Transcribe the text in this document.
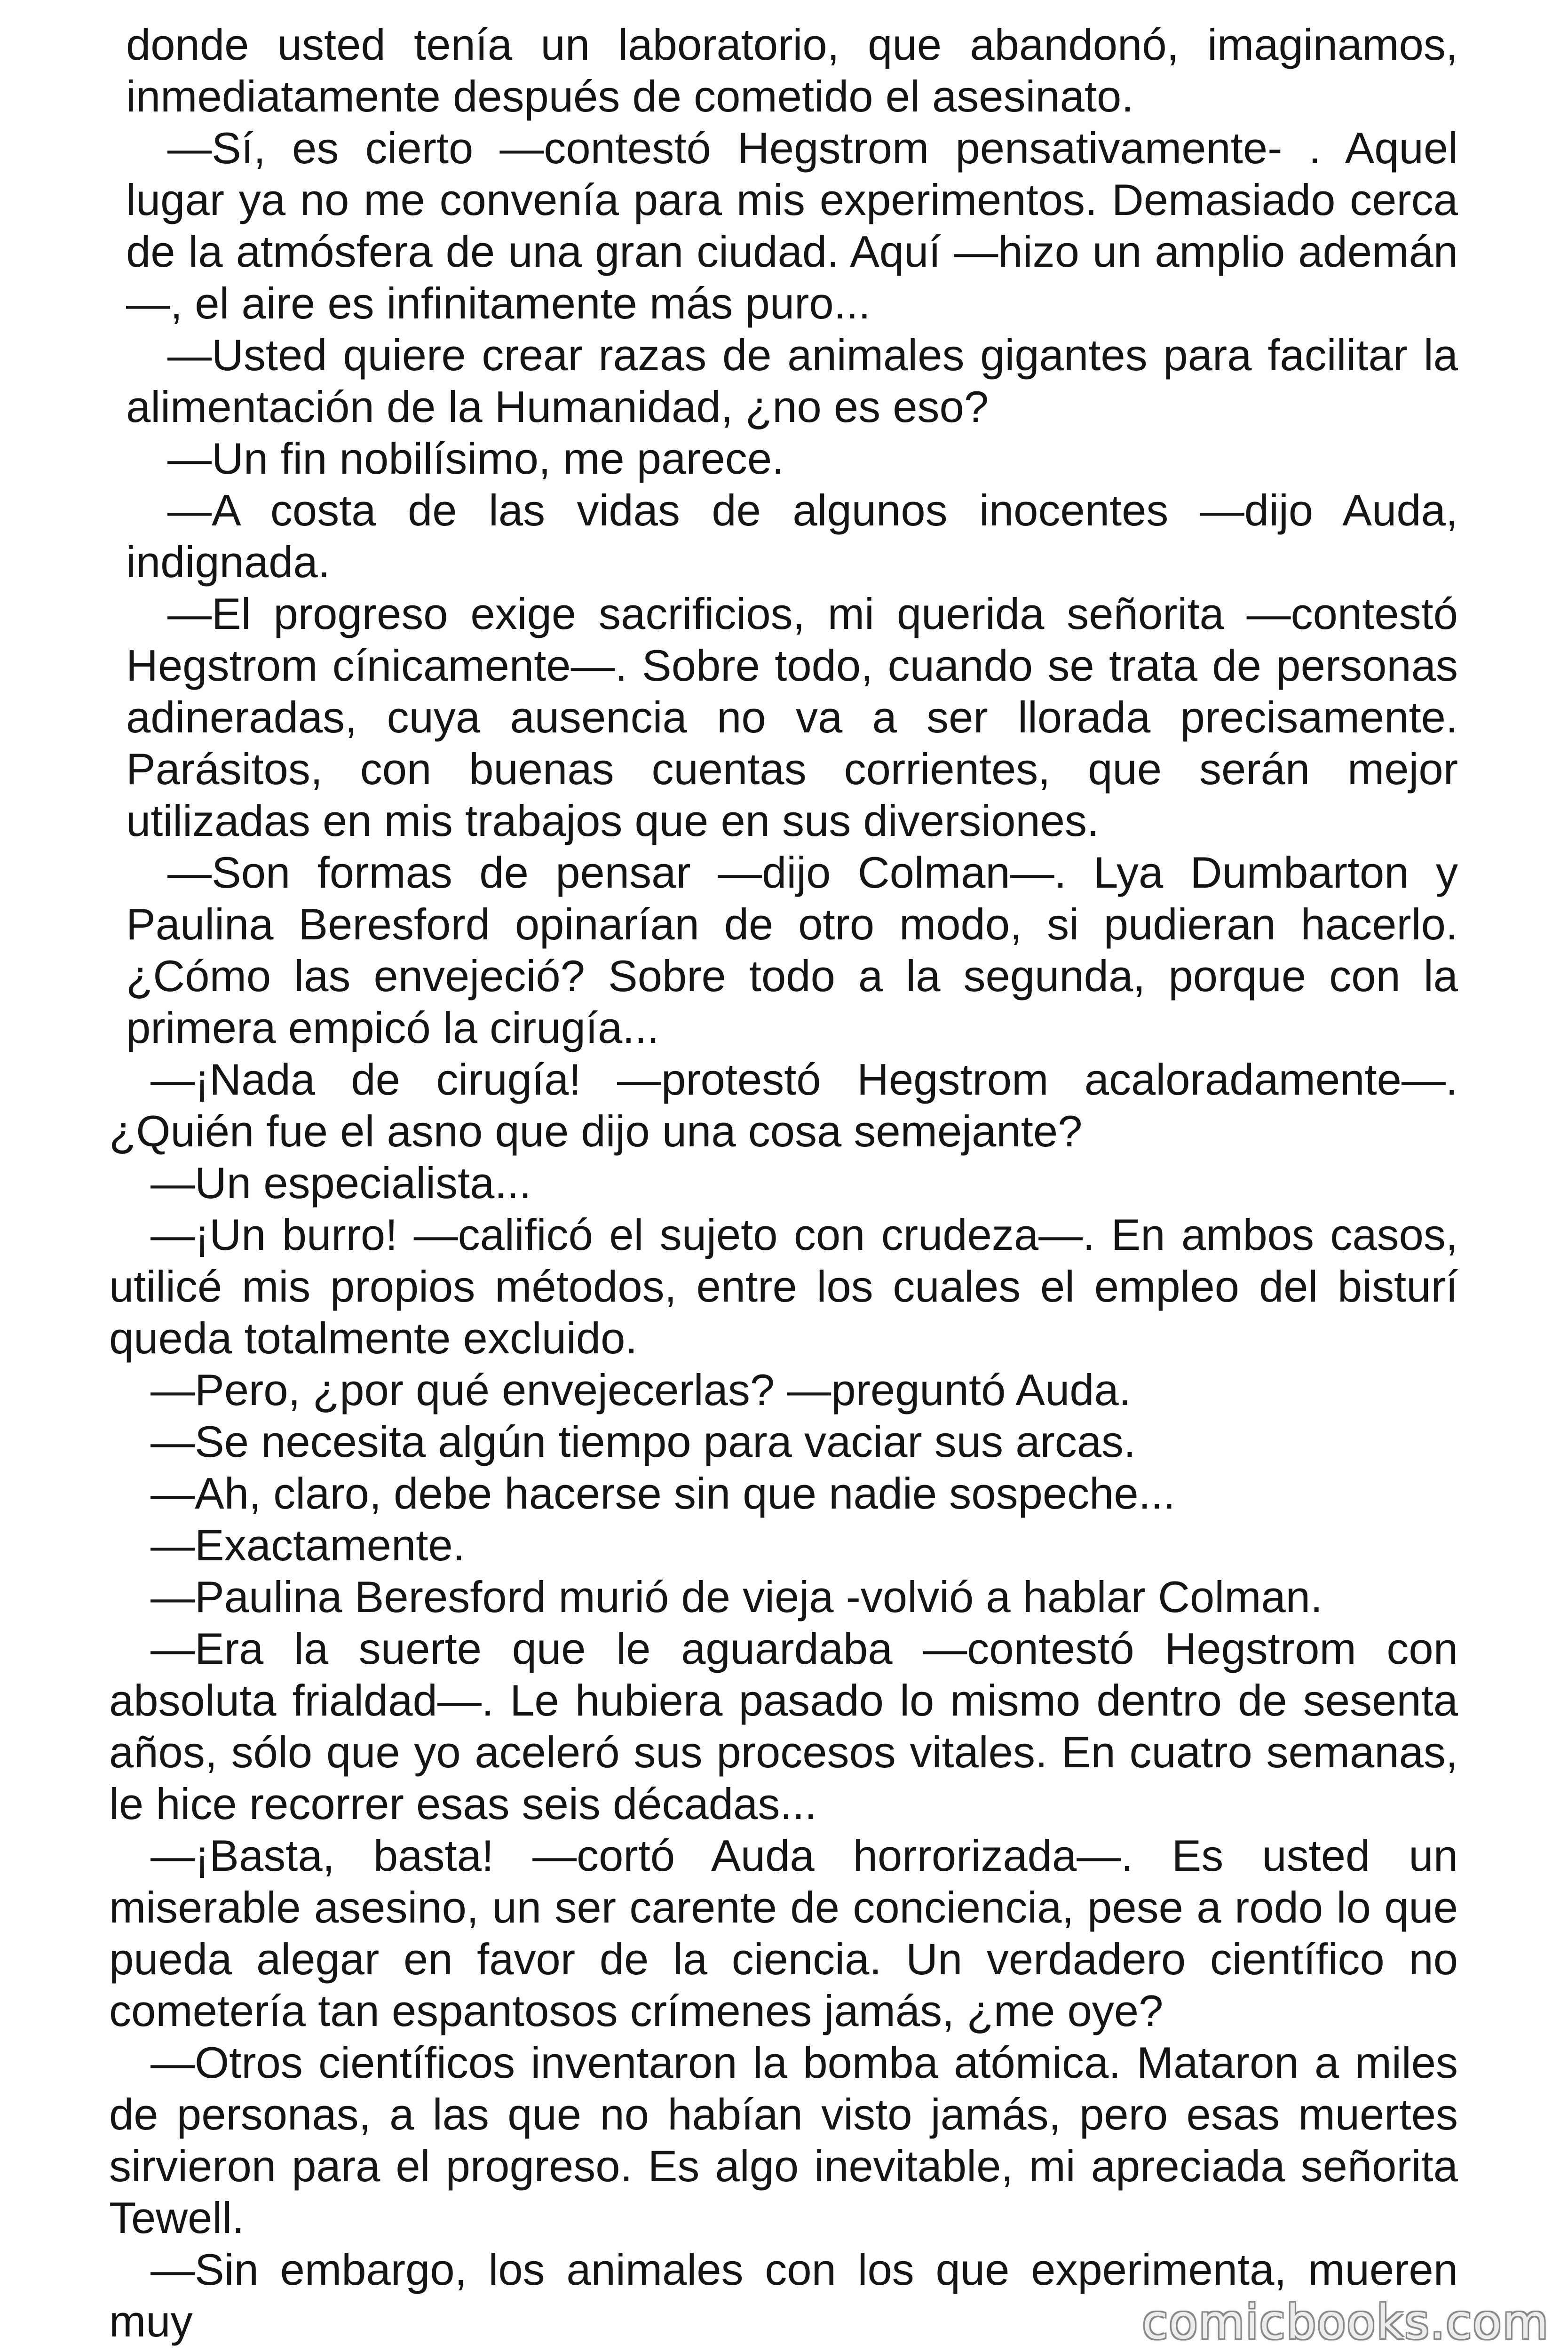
donde usted tenía un laboratorio, que abandonó, imaginamos, inmediatamente después de cometido el asesinato.

—Sí, es cierto —contestó Hegstrom pensativamente- . Aquel lugar ya no me convenía para mis experimentos. Demasiado cerca de la atmósfera de una gran ciudad. Aquí —hizo un amplio ademán—, el aire es infinitamente más puro...

—Usted quiere crear razas de animales gigantes para facilitar la alimentación de la Humanidad, ¿no es eso?

—Un fin nobilísimo, me parece.

—A costa de las vidas de algunos inocentes —dijo Auda, indignada.

—El progreso exige sacrificios, mi querida señorita —contestó Hegstrom cínicamente—. Sobre todo, cuando se trata de personas adineradas, cuya ausencia no va a ser llorada precisamente. Parásitos, con buenas cuentas corrientes, que serán mejor utilizadas en mis trabajos que en sus diversiones.

—Son formas de pensar —dijo Colman—. Lya Dumbarton y Paulina Beresford opinarían de otro modo, si pudieran hacerlo. ¿Cómo las envejeció? Sobre todo a la segunda, porque con la primera empicó la cirugía...

—¡Nada de cirugía! —protestó Hegstrom acaloradamente—. ¿Quién fue el asno que dijo una cosa semejante?

—Un especialista...

—¡Un burro! —calificó el sujeto con crudeza—. En ambos casos, utilicé mis propios métodos, entre los cuales el empleo del bisturí queda totalmente excluido.

—Pero, ¿por qué envejecerlas? —preguntó Auda.

—Se necesita algún tiempo para vaciar sus arcas.

—Ah, claro, debe hacerse sin que nadie sospeche...

—Exactamente.

—Paulina Beresford murió de vieja -volvió a hablar Colman.

—Era la suerte que le aguardaba —contestó Hegstrom con absoluta frialdad—. Le hubiera pasado lo mismo dentro de sesenta años, sólo que yo aceleró sus procesos vitales. En cuatro semanas, le hice recorrer esas seis décadas...

—¡Basta, basta! —cortó Auda horrorizada—. Es usted un miserable asesino, un ser carente de conciencia, pese a rodo lo que pueda alegar en favor de la ciencia. Un verdadero científico no cometería tan espantosos crímenes jamás, ¿me oye?

—Otros científicos inventaron la bomba atómica. Mataron a miles de personas, a las que no habían visto jamás, pero esas muertes sirvieron para el progreso. Es algo inevitable, mi apreciada señorita Tewell.

—Sin embargo, los animales con los que experimenta, mueren muy	comicbooks.com
